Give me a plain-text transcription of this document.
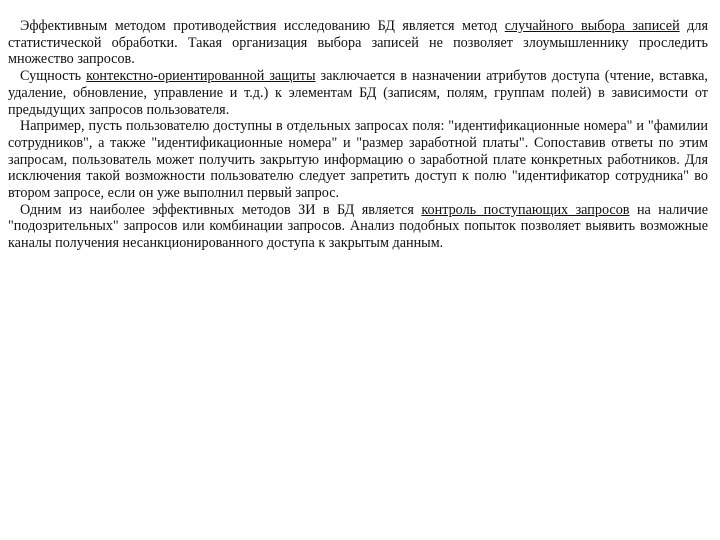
Эффективным методом противодействия исследованию БД является метод случайного выбора записей для статистической обработки. Такая организация выбора записей не позволяет злоумышленнику проследить множество запросов.

Сущность контекстно-ориентированной защиты заключается в назначении атрибутов доступа (чтение, вставка, удаление, обновление, управление и т.д.) к элементам БД (записям, полям, группам полей) в зависимости от предыдущих запросов пользователя.

Например, пусть пользователю доступны в отдельных запросах поля: "идентификационные номера" и "фамилии сотрудников", а также "идентификационные номера" и "размер заработной платы". Сопоставив ответы по этим запросам, пользователь может получить закрытую информацию о заработной плате конкретных работников. Для исключения такой возможности пользователю следует запретить доступ к полю "идентификатор сотрудника" во втором запросе, если он уже выполнил первый запрос.

Одним из наиболее эффективных методов ЗИ в БД является контроль поступающих запросов на наличие "подозрительных" запросов или комбинации запросов. Анализ подобных попыток позволяет выявить возможные каналы получения несанкционированного доступа к закрытым данным.
